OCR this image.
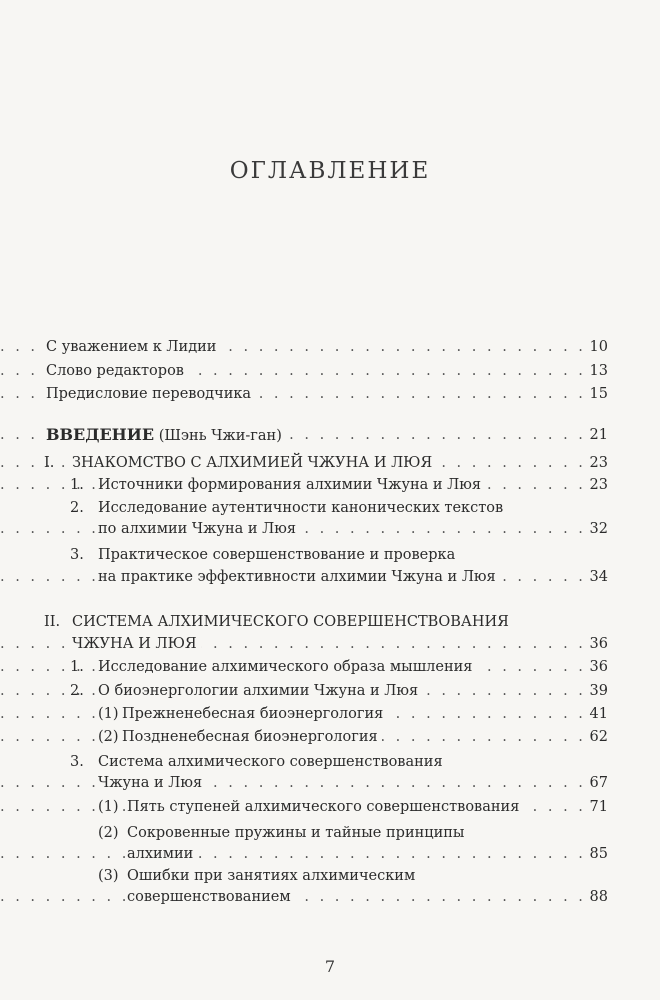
ОГЛАВЛЕНИЕ
. . . С уважением к Лидии	10
. . . Слово редакторов	13
. . . Предисловие переводчика	15
. . . ВВЕДЕНИЕ (Шэнь Чжи-ган)	21
. . . I. ЗНАКОМСТВО С АЛХИМИЕЙ ЧЖУНА И ЛЮЯ	23
. . . 1. Источники формирования алхимии Чжуна и Люя	23
2. Исследование аутентичности канонических текстов
. . . по алхимии Чжуна и Люя	32
3. Практическое совершенствование и проверка
. . . на практике эффективности алхимии Чжуна и Люя	34
II. СИСТЕМА АЛХИМИЧЕСКОГО СОВЕРШЕНСТВОВАНИЯ
. . . ЧЖУНА И ЛЮЯ	36
. . . 1. Исследование алхимического образа мышления	36
. . . 2. О биоэнергологии алхимии Чжуна и Люя	39
. . . (1) Прежненебесная биоэнергология	41
. . . (2) Поздненебесная биоэнергология	62
3. Система алхимического совершенствования
. . . Чжуна и Люя	67
. . . (1) Пять ступеней алхимического совершенствования	71
(2) Сокровенные пружины и тайные принципы
. . . алхимии	85
(3) Ошибки при занятиях алхимическим
. . . совершенствованием	88
7
